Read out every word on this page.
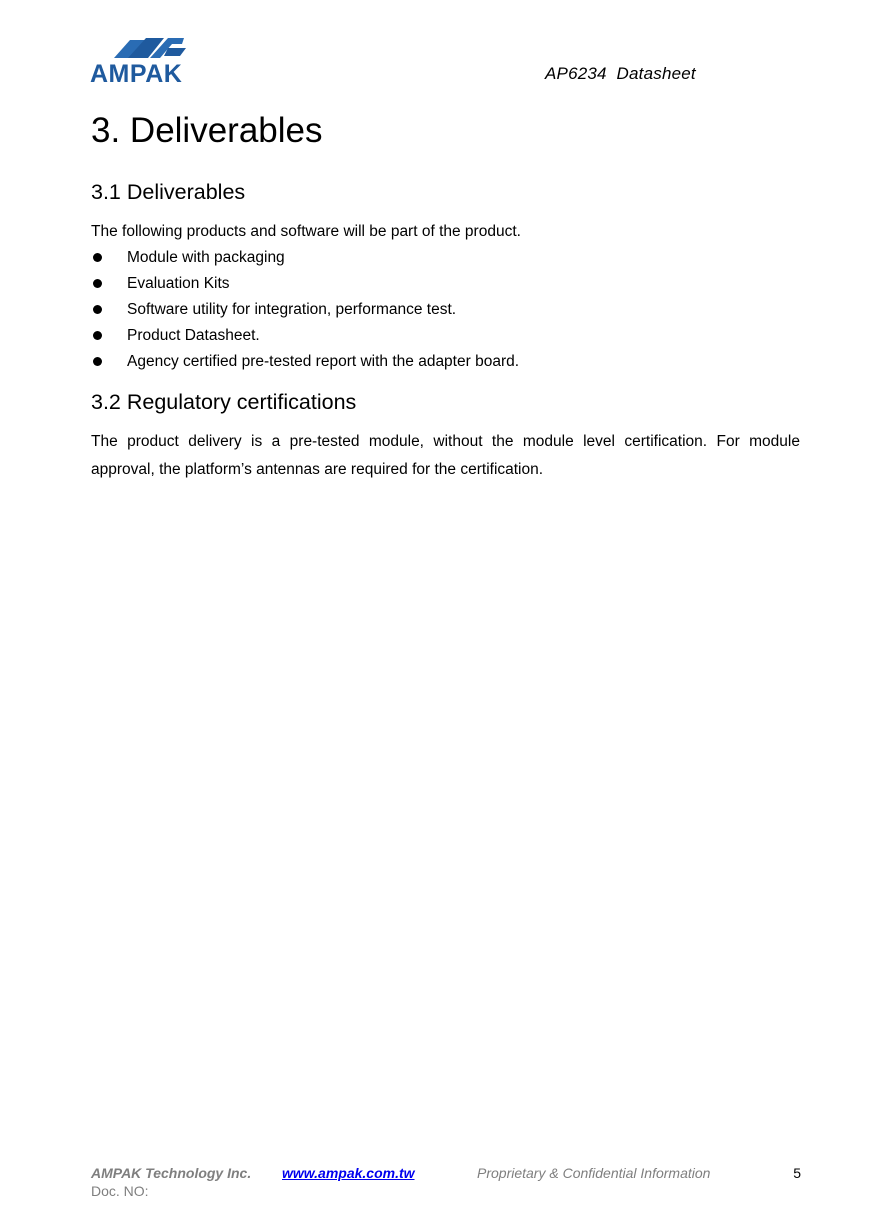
AMPAK	AP6234  Datasheet
3. Deliverables
3.1 Deliverables
The following products and software will be part of the product.
Module with packaging
Evaluation Kits
Software utility for integration, performance test.
Product Datasheet.
Agency certified pre-tested report with the adapter board.
3.2 Regulatory certifications

The product delivery is a pre-tested module, without the module level certification. For module approval, the platform’s antennas are required for the certification.

AMPAK Technology Inc. www.ampak.com.tw	Proprietary & Confidential Information	5
Doc. NO:
